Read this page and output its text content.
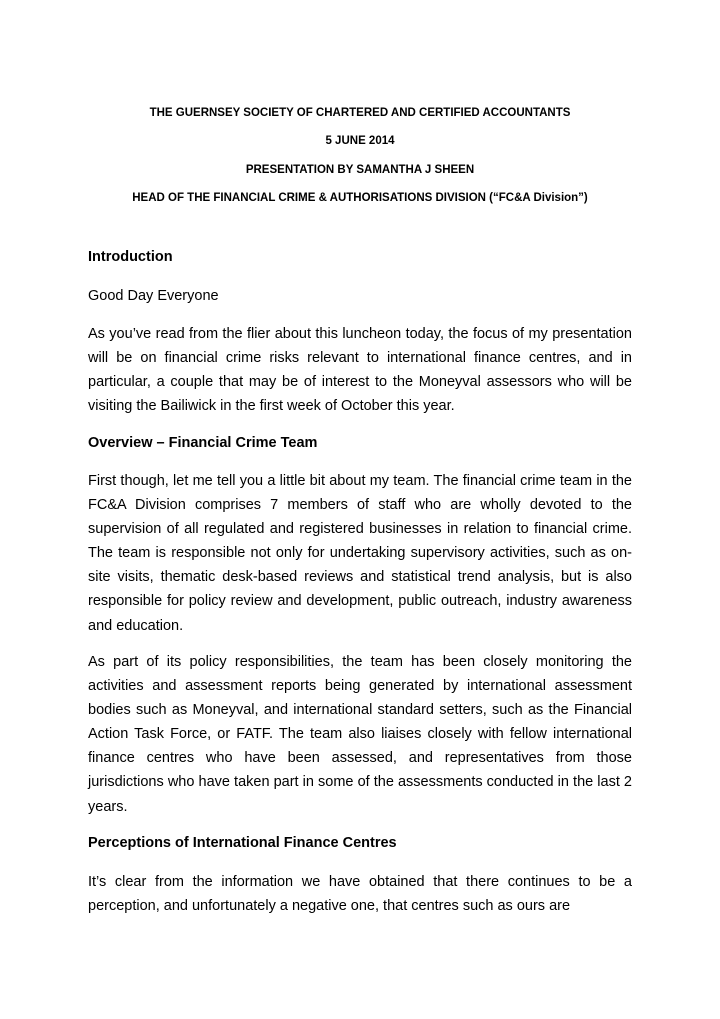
THE GUERNSEY SOCIETY OF CHARTERED AND CERTIFIED ACCOUNTANTS
5 JUNE 2014
PRESENTATION BY SAMANTHA J SHEEN
HEAD OF THE FINANCIAL CRIME & AUTHORISATIONS DIVISION (“FC&A Division”)
Introduction
Good Day Everyone

As you’ve read from the flier about this luncheon today, the focus of my presentation will be on financial crime risks relevant to international finance centres, and in particular, a couple that may be of interest to the Moneyval assessors who will be visiting the Bailiwick in the first week of October this year.

Overview – Financial Crime Team

First though, let me tell you a little bit about my team. The financial crime team in the FC&A Division comprises 7 members of staff who are wholly devoted to the supervision of all regulated and registered businesses in relation to financial crime. The team is responsible not only for undertaking supervisory activities, such as on-site visits, thematic desk-based reviews and statistical trend analysis, but is also responsible for policy review and development, public outreach, industry awareness and education.

As part of its policy responsibilities, the team has been closely monitoring the activities and assessment reports being generated by international assessment bodies such as Moneyval, and international standard setters, such as the Financial Action Task Force, or FATF. The team also liaises closely with fellow international finance centres who have been assessed, and representatives from those jurisdictions who have taken part in some of the assessments conducted in the last 2 years.

Perceptions of International Finance Centres

It’s clear from the information we have obtained that there continues to be a perception, and unfortunately a negative one, that centres such as ours are
